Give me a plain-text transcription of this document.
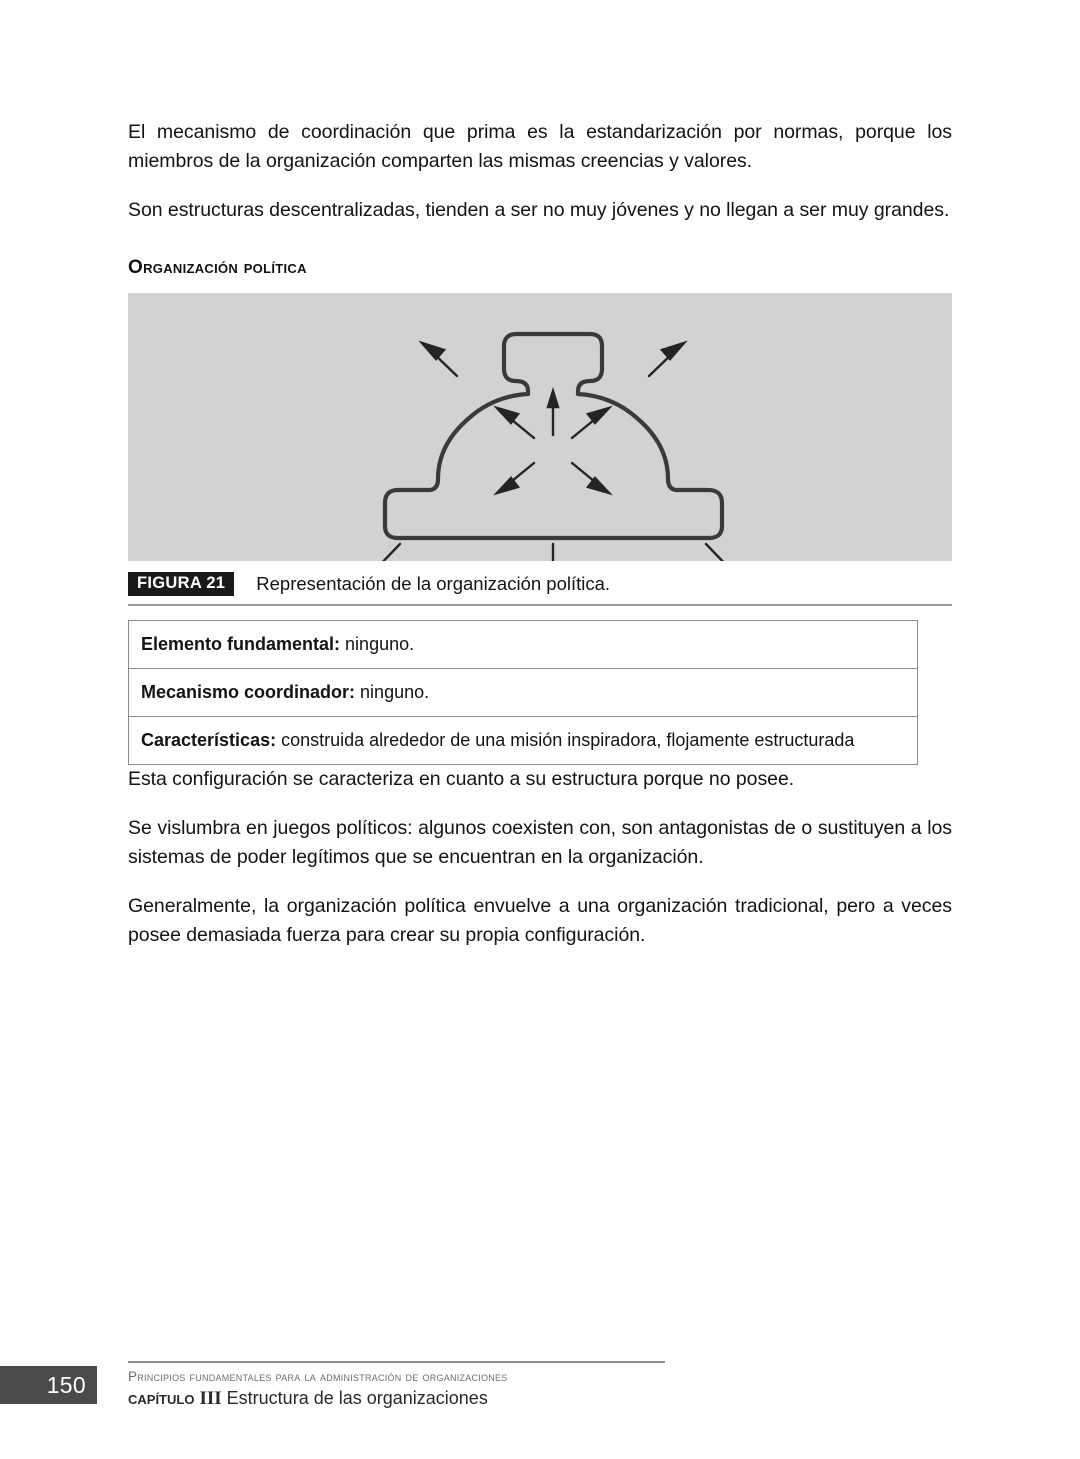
El mecanismo de coordinación que prima es la estandarización por normas, porque los miembros de la organización comparten las mismas creencias y valores.

Son estructuras descentralizadas, tienden a ser no muy jóvenes y no llegan a ser muy grandes.

Organización política
FIGURA 21	Representación de la organización política.
Elemento fundamental: ninguno.
Mecanismo coordinador: ninguno.
Características: construida alrededor de una misión inspiradora, flojamente estructurada

Esta configuración se caracteriza en cuanto a su estructura porque no posee.

Se vislumbra en juegos políticos: algunos coexisten con, son antagonistas de o sustituyen a los sistemas de poder legítimos que se encuentran en la organización.

Generalmente, la organización política envuelve a una organización tradicional, pero a veces posee demasiada fuerza para crear su propia configuración.

150	principios fundamentales para la administración de organizaciones
capítulo III Estructura de las organizaciones
